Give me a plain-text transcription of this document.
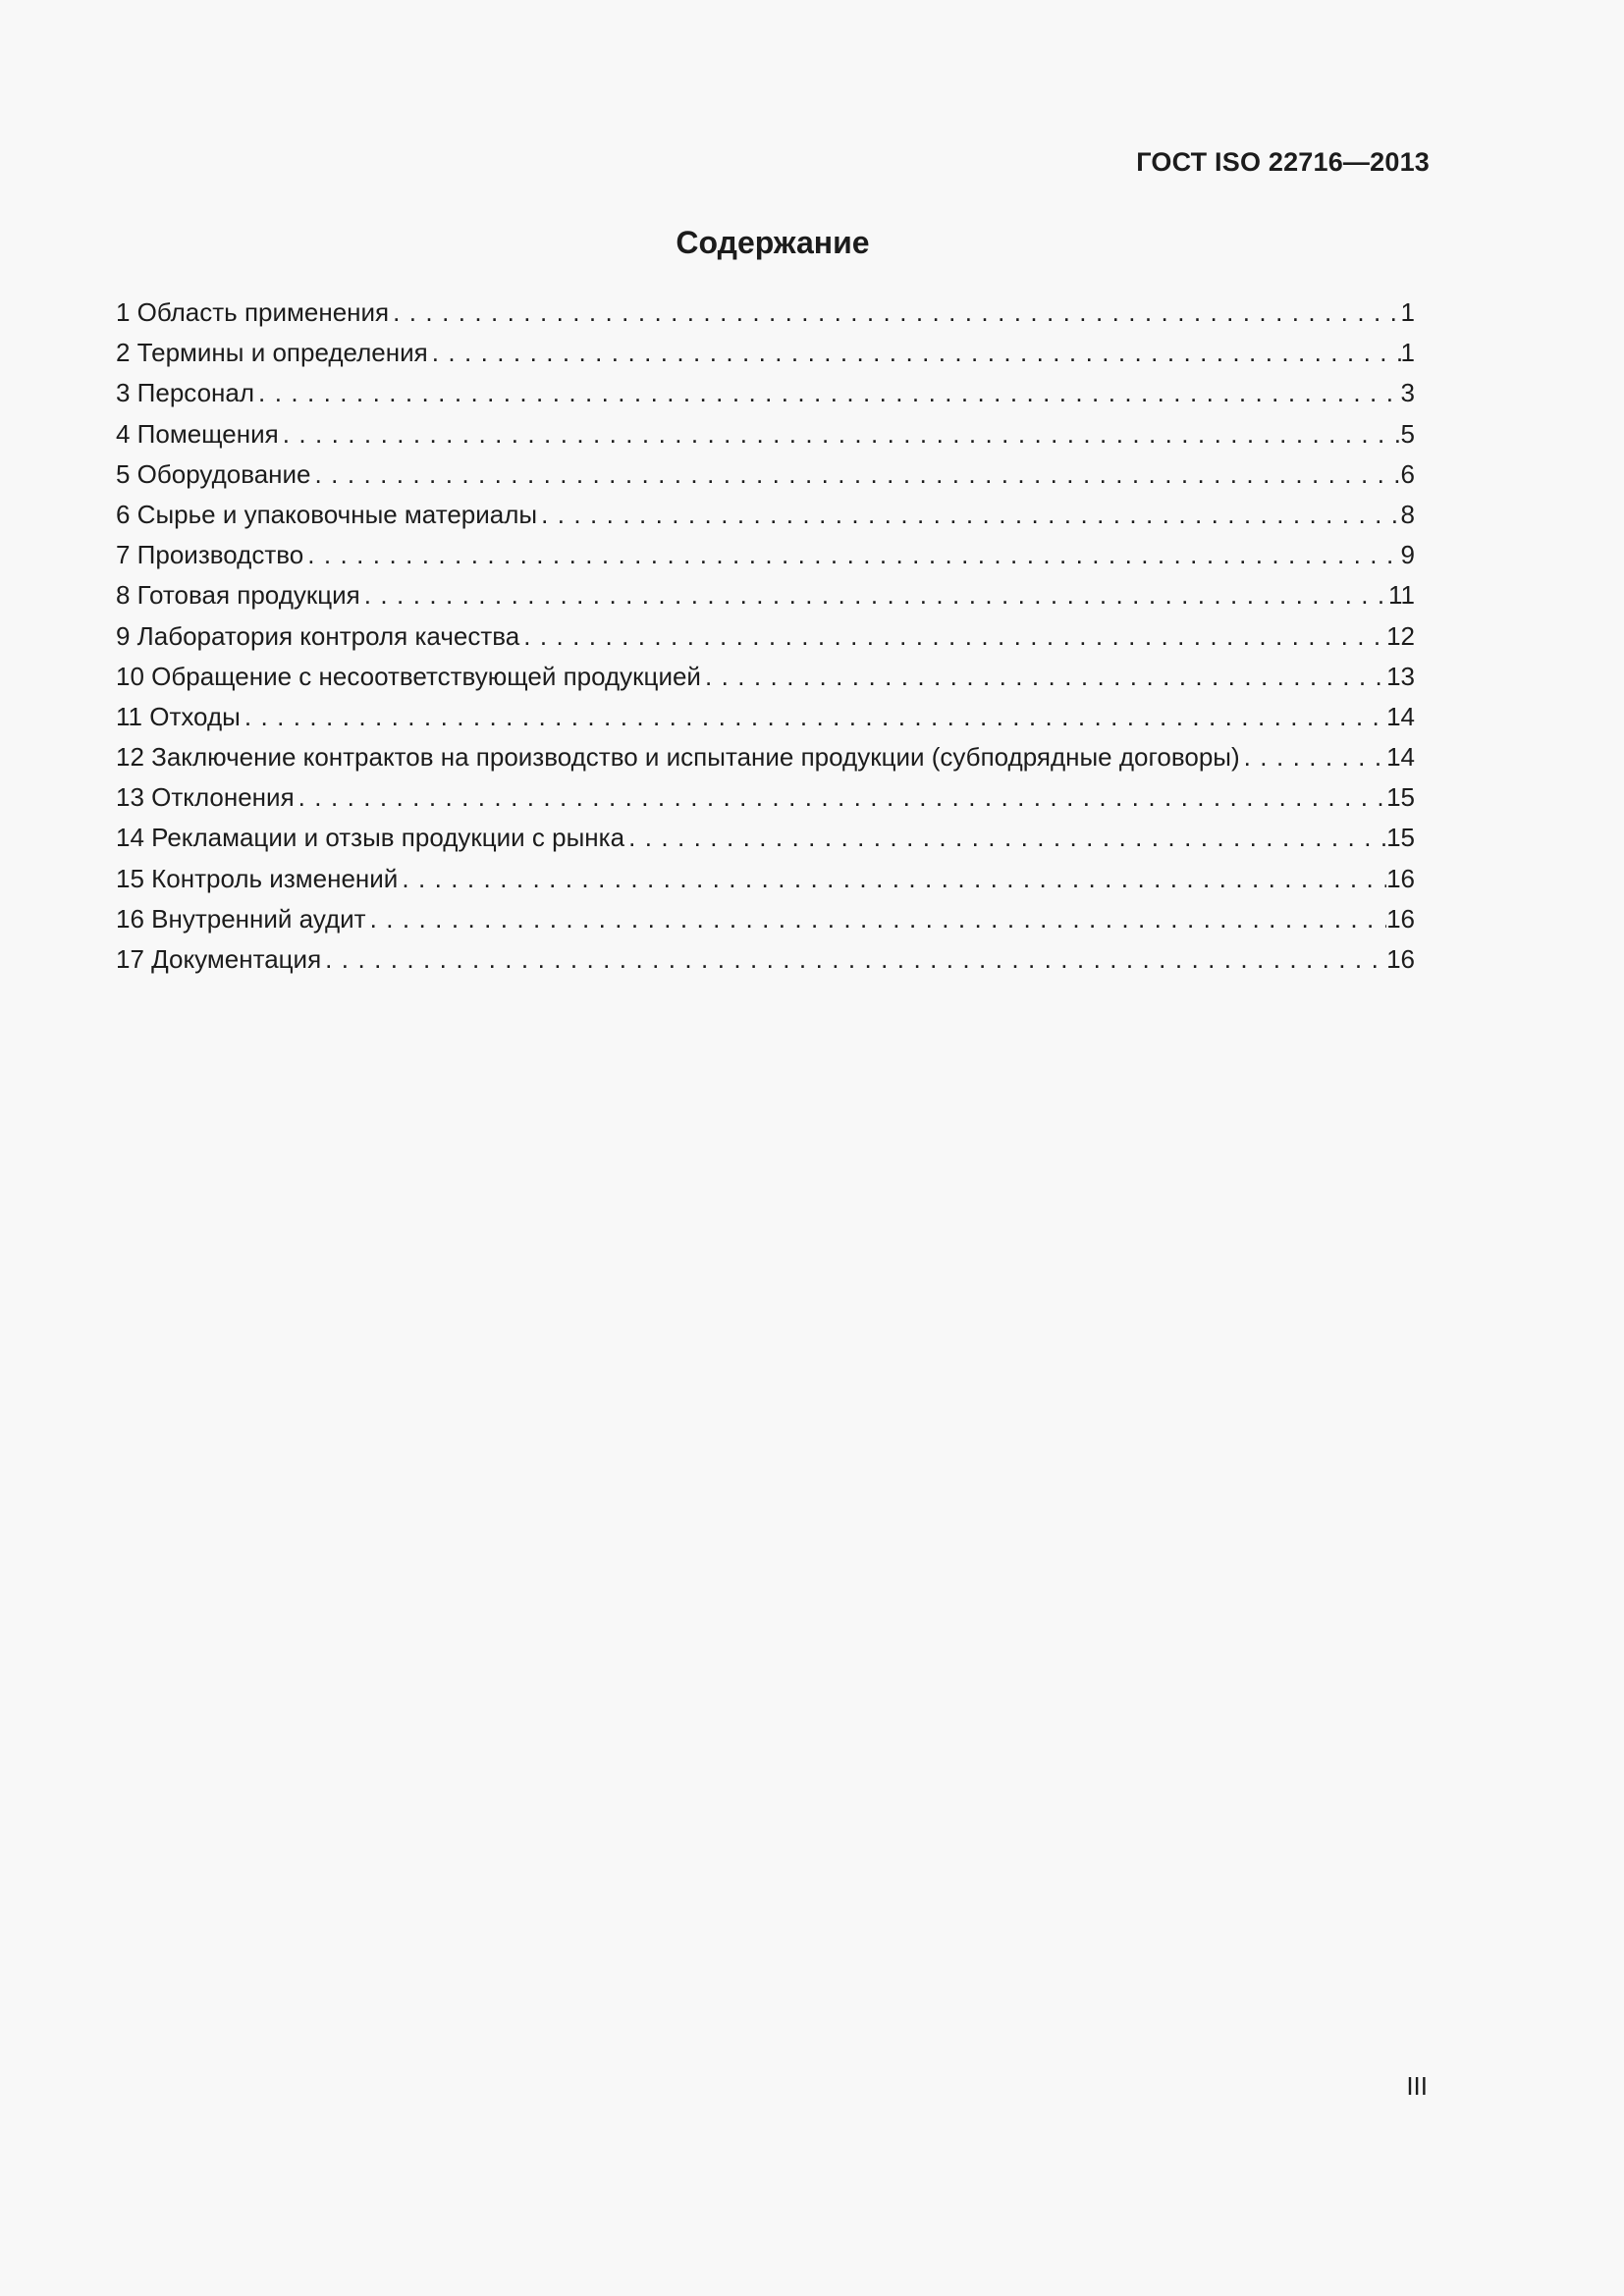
ГОСТ ISO 22716—2013
Содержание
1 Область применения . . .	1
2 Термины и определения . . .	1
3 Персонал . . .	3
4 Помещения . . .	5
5 Оборудование . . .	6
6 Сырье и упаковочные материалы . . .	8
7 Производство . . .	9
8 Готовая продукция . . .	11
9 Лаборатория контроля качества . . .	12
10 Обращение с несоответствующей продукцией . . .	13
11 Отходы . . .	14
12 Заключение контрактов на производство и испытание продукции (субподрядные договоры) . . .	14
13 Отклонения . . .	15
14 Рекламации и отзыв продукции с рынка . . .	15
15 Контроль изменений . . .	16
16 Внутренний аудит . . .	16
17 Документация . . .	16
III
